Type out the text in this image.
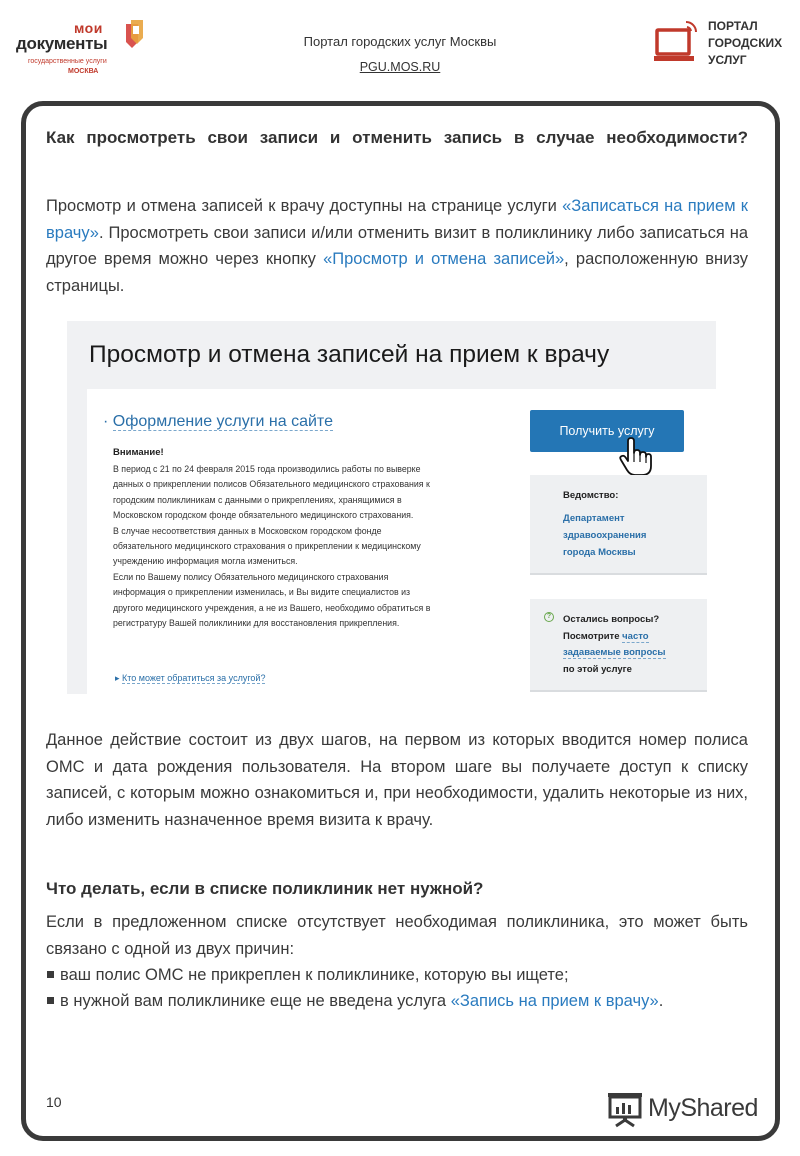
мои
документы
государственные услуги
МОСКВА
Портал городских услуг Москвы
PGU.MOS.RU
ПОРТАЛ
ГОРОДСКИХ
УСЛУГ
Как просмотреть свои записи и отменить запись в случае необходимости?

Просмотр и отмена записей к врачу доступны на странице услуги «Записаться на прием к врачу». Просмотреть свои записи и/или отменить визит в поликлинику либо записаться на другое время можно через кнопку «Просмотр и отмена записей», расположенную внизу страницы.

Просмотр и отмена записей на прием к врачу
· Оформление услуги на сайте
Внимание!
В период с 21 по 24 февраля 2015 года производились работы по выверке
данных о прикреплении полисов Обязательного медицинского страхования к
городским поликлиникам с данными о прикреплениях, хранящимися в
Московском городском фонде обязательного медицинского страхования.
В случае несоответствия данных в Московском городском фонде
обязательного медицинского страхования о прикреплении к медицинскому
учреждению информация могла измениться.
Если по Вашему полису Обязательного медицинского страхования
информация о прикреплении изменилась, и Вы видите специалистов из
другого медицинского учреждения, а не из Вашего, необходимо обратиться в
регистратуру Вашей поликлиники для восстановления прикрепления.
▸ Кто может обратиться за услугой?
Получить услугу
Ведомство:
Департамент
здравоохранения
города Москвы
?	Остались вопросы?
Посмотрите часто
задаваемые вопросы
по этой услуге

Данное действие состоит из двух шагов, на первом из которых вводится номер полиса ОМС и дата рождения пользователя. На втором шаге вы получаете доступ к списку записей, с которым можно ознакомиться и, при необходимости, удалить некоторые из них, либо изменить назначенное время визита к врачу.

Что делать, если в списке поликлиник нет нужной?

Если в предложенном списке отсутствует необходимая поликлиника, это может быть связано с одной из двух причин:

ваш полис ОМС не прикреплен к поликлинике, которую вы ищете;
в нужной вам поликлинике еще не введена услуга «Запись на прием к врачу».
10	MyShared
